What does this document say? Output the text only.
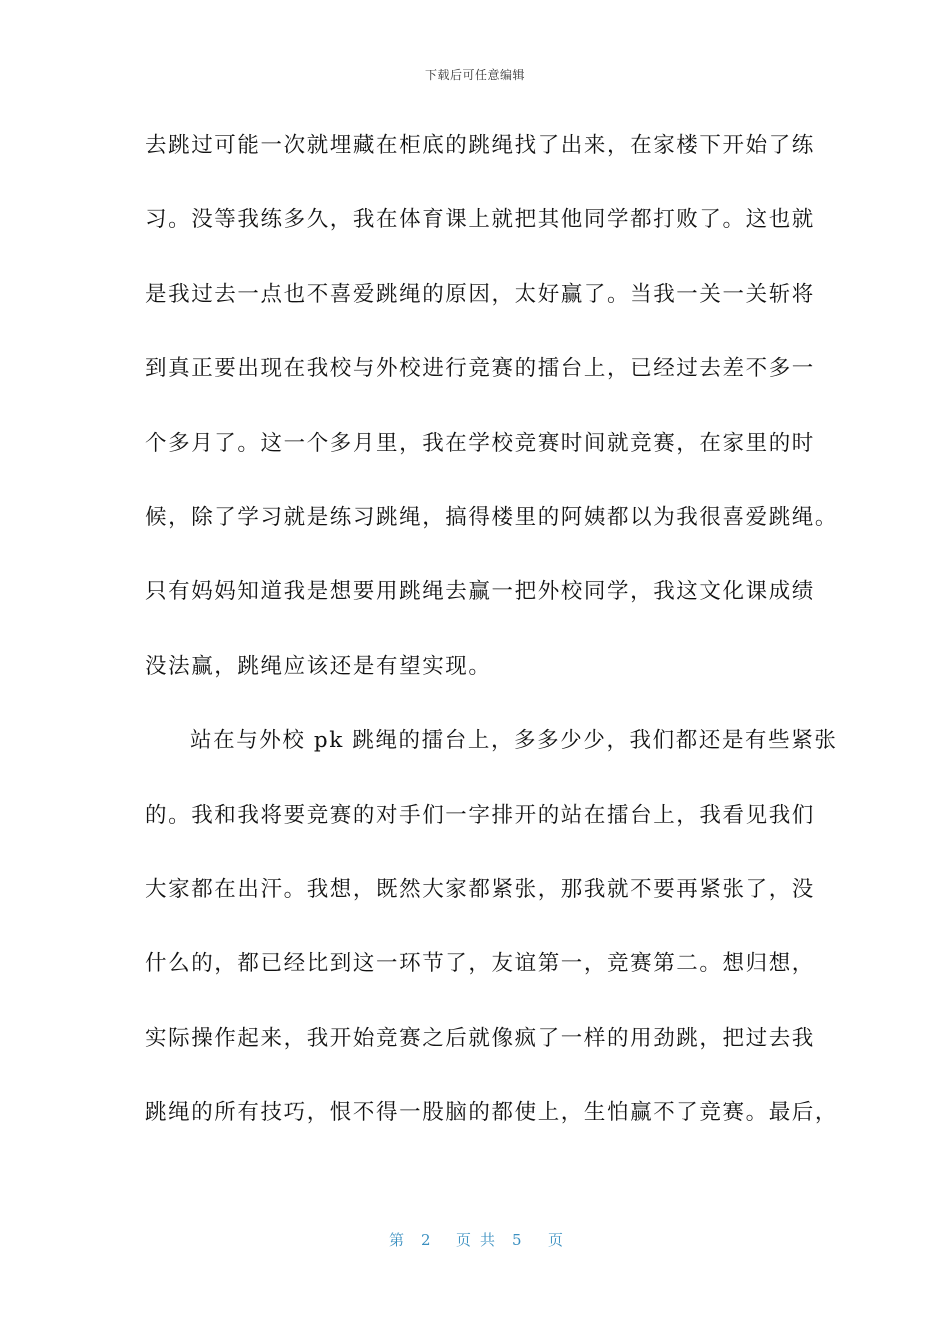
下载后可任意编辑
去跳过可能一次就埋藏在柜底的跳绳找了出来，在家楼下开始了练
习。没等我练多久，我在体育课上就把其他同学都打败了。这也就
是我过去一点也不喜爱跳绳的原因，太好赢了。当我一关一关斩将
到真正要出现在我校与外校进行竞赛的擂台上，已经过去差不多一
个多月了。这一个多月里，我在学校竞赛时间就竞赛，在家里的时
候，除了学习就是练习跳绳，搞得楼里的阿姨都以为我很喜爱跳绳。
只有妈妈知道我是想要用跳绳去赢一把外校同学，我这文化课成绩
没法赢，跳绳应该还是有望实现。
站在与外校 pk 跳绳的擂台上，多多少少，我们都还是有些紧张
的。我和我将要竞赛的对手们一字排开的站在擂台上，我看见我们
大家都在出汗。我想，既然大家都紧张，那我就不要再紧张了，没
什么的，都已经比到这一环节了，友谊第一，竞赛第二。想归想，
实际操作起来，我开始竞赛之后就像疯了一样的用劲跳，把过去我
跳绳的所有技巧，恨不得一股脑的都使上，生怕赢不了竞赛。最后，
第 2 页共 5 页
